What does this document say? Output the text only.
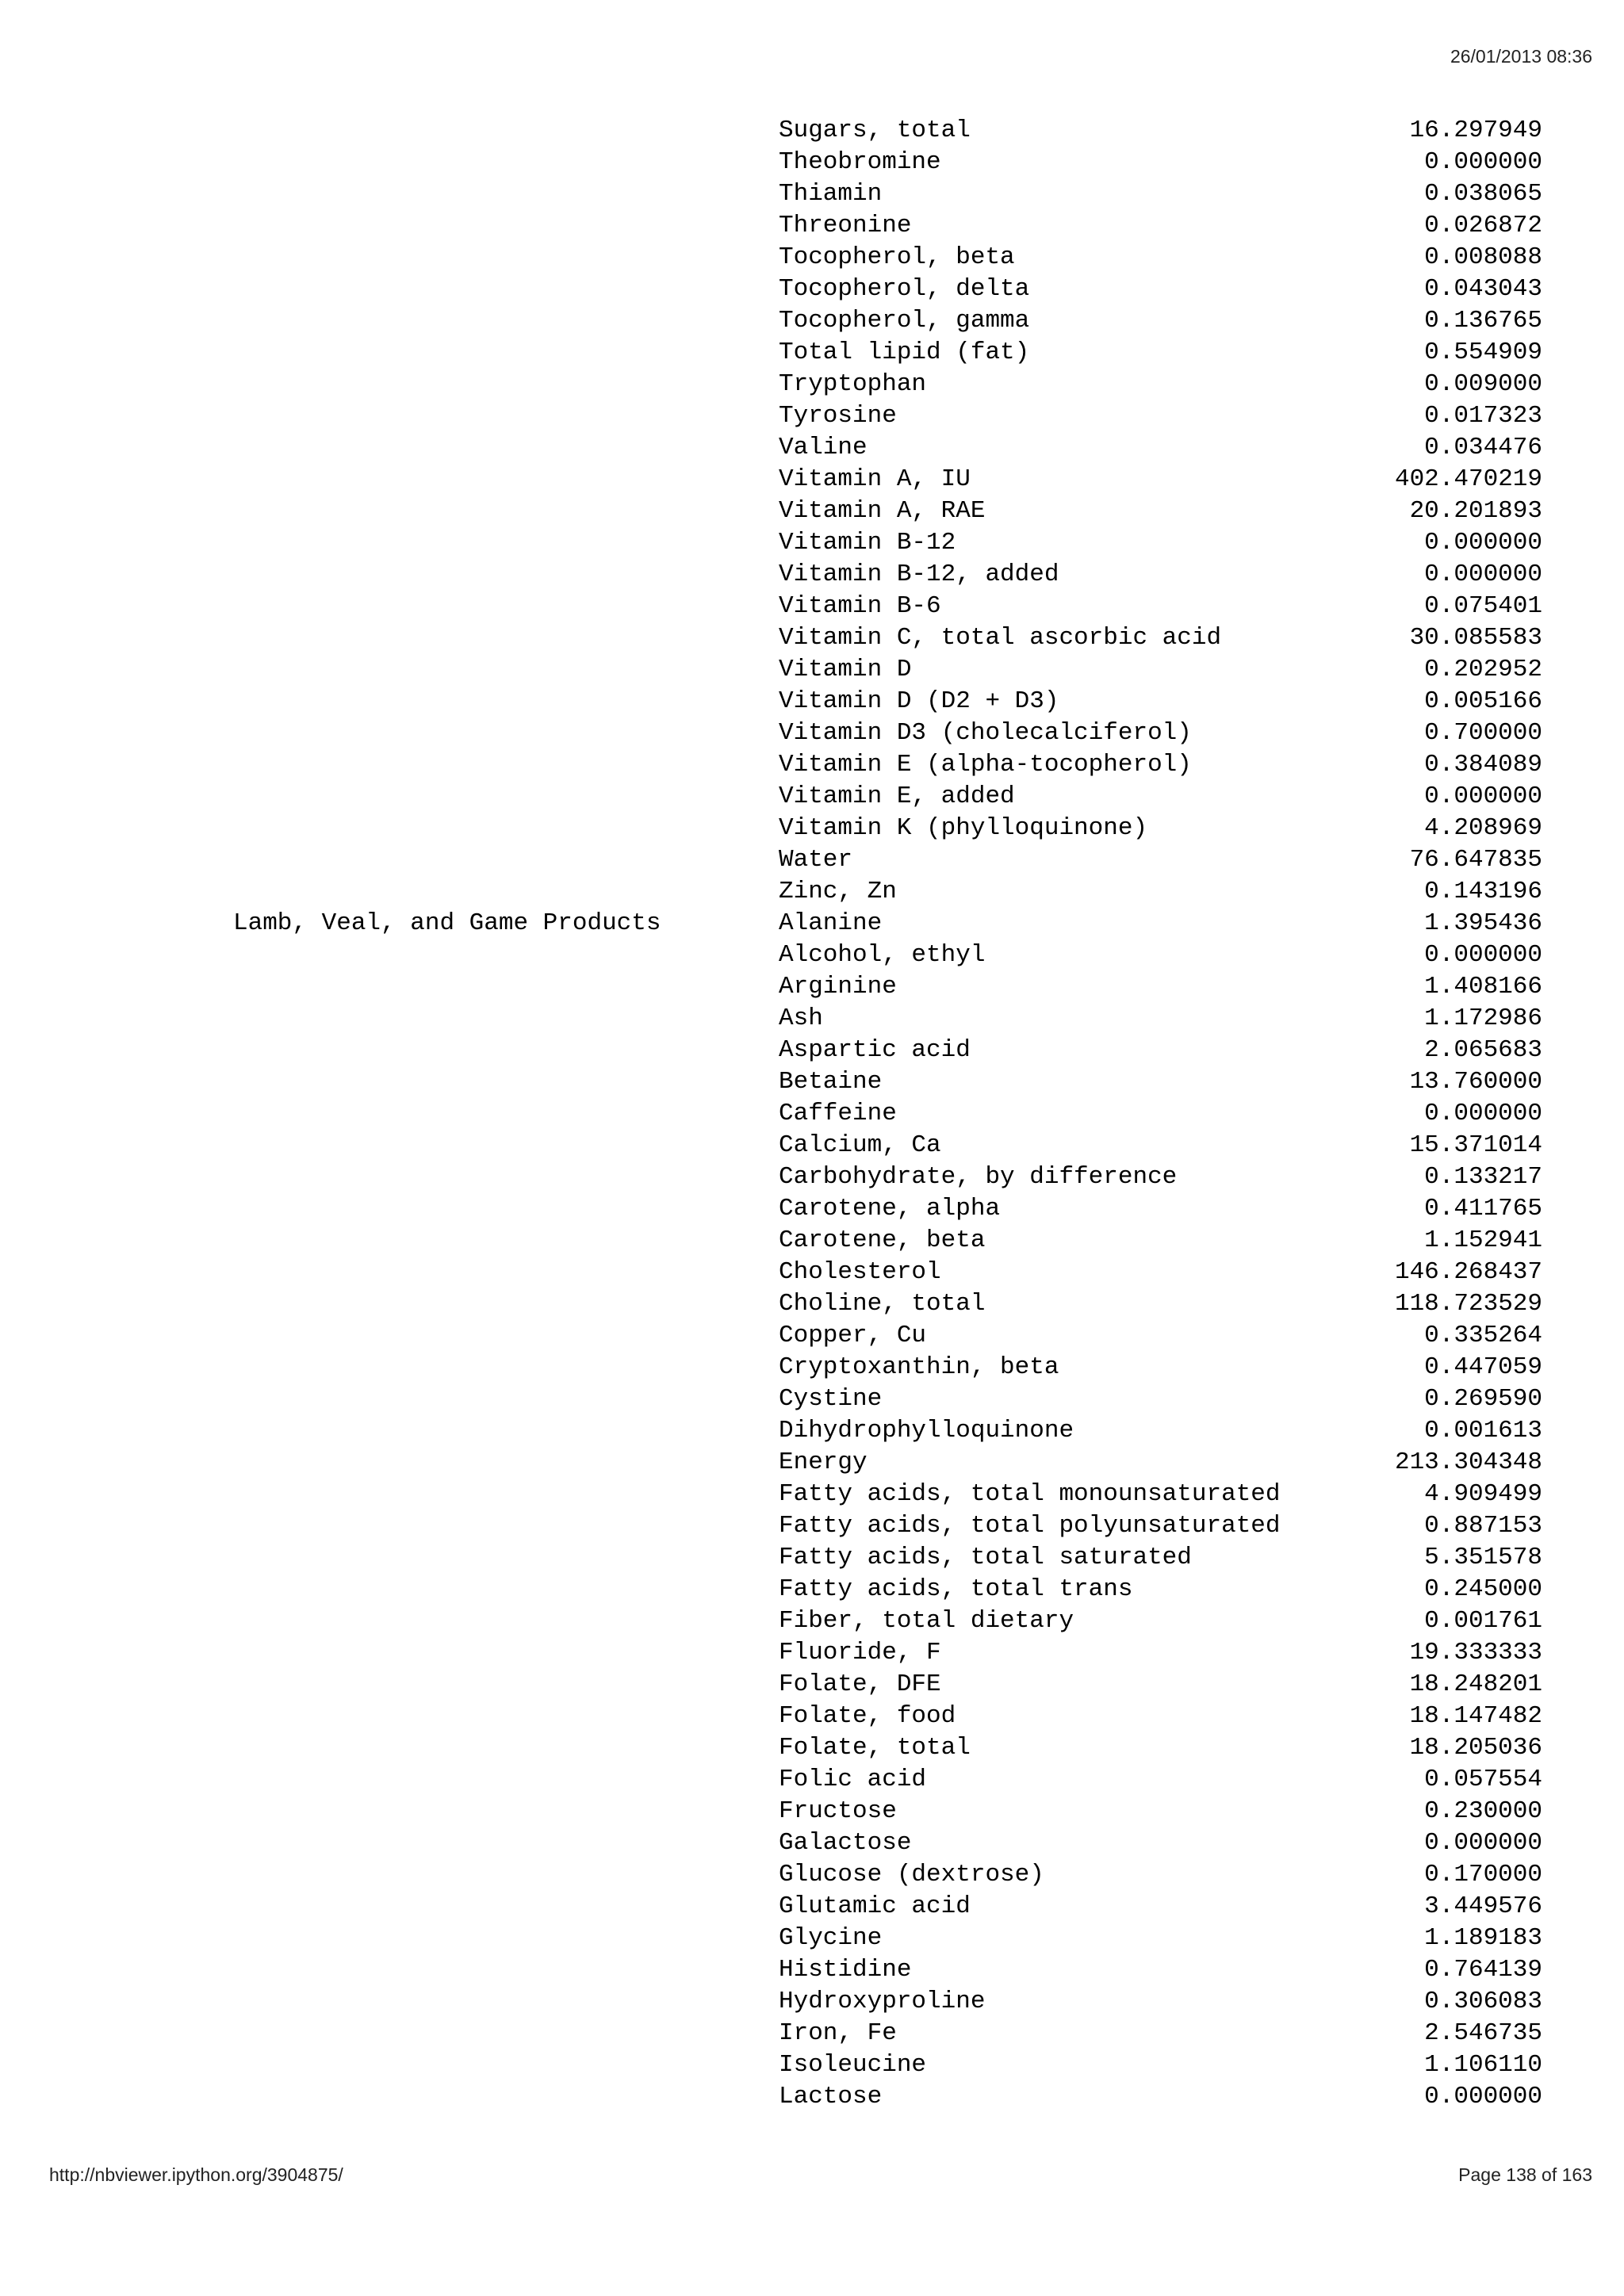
26/01/2013 08:36
Sugars, total	16.297949
Theobromine	0.000000
Thiamin	0.038065
Threonine	0.026872
Tocopherol, beta	0.008088
Tocopherol, delta	0.043043
Tocopherol, gamma	0.136765
Total lipid (fat)	0.554909
Tryptophan	0.009000
Tyrosine	0.017323
Valine	0.034476
Vitamin A, IU	402.470219
Vitamin A, RAE	20.201893
Vitamin B-12	0.000000
Vitamin B-12, added	0.000000
Vitamin B-6	0.075401
Vitamin C, total ascorbic acid	30.085583
Vitamin D	0.202952
Vitamin D (D2 + D3)	0.005166
Vitamin D3 (cholecalciferol)	0.700000
Vitamin E (alpha-tocopherol)	0.384089
Vitamin E, added	0.000000
Vitamin K (phylloquinone)	4.208969
Water	76.647835
Zinc, Zn	0.143196
Lamb, Veal, and Game Products	Alanine	1.395436
Alcohol, ethyl	0.000000
Arginine	1.408166
Ash	1.172986
Aspartic acid	2.065683
Betaine	13.760000
Caffeine	0.000000
Calcium, Ca	15.371014
Carbohydrate, by difference	0.133217
Carotene, alpha	0.411765
Carotene, beta	1.152941
Cholesterol	146.268437
Choline, total	118.723529
Copper, Cu	0.335264
Cryptoxanthin, beta	0.447059
Cystine	0.269590
Dihydrophylloquinone	0.001613
Energy	213.304348
Fatty acids, total monounsaturated	4.909499
Fatty acids, total polyunsaturated	0.887153
Fatty acids, total saturated	5.351578
Fatty acids, total trans	0.245000
Fiber, total dietary	0.001761
Fluoride, F	19.333333
Folate, DFE	18.248201
Folate, food	18.147482
Folate, total	18.205036
Folic acid	0.057554
Fructose	0.230000
Galactose	0.000000
Glucose (dextrose)	0.170000
Glutamic acid	3.449576
Glycine	1.189183
Histidine	0.764139
Hydroxyproline	0.306083
Iron, Fe	2.546735
Isoleucine	1.106110
Lactose	0.000000
http://nbviewer.ipython.org/3904875/	Page 138 of 163
